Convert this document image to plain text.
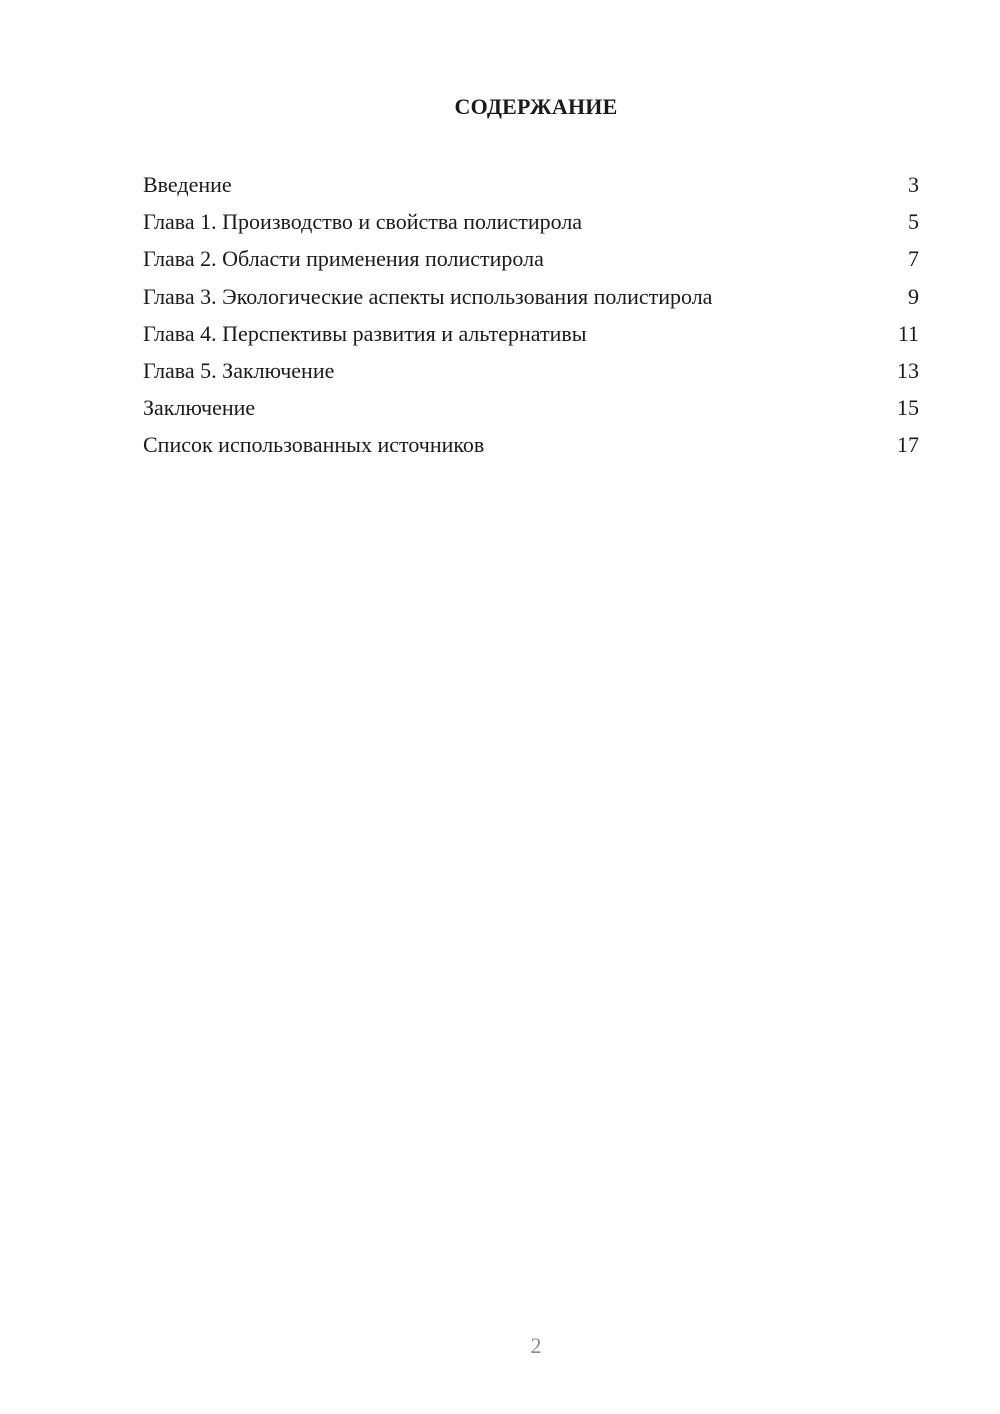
СОДЕРЖАНИЕ
Введение	3
Глава 1. Производство и свойства полистирола	5
Глава 2. Области применения полистирола	7
Глава 3. Экологические аспекты использования полистирола	9
Глава 4. Перспективы развития и альтернативы	11
Глава 5. Заключение	13
Заключение	15
Список использованных источников	17
2
